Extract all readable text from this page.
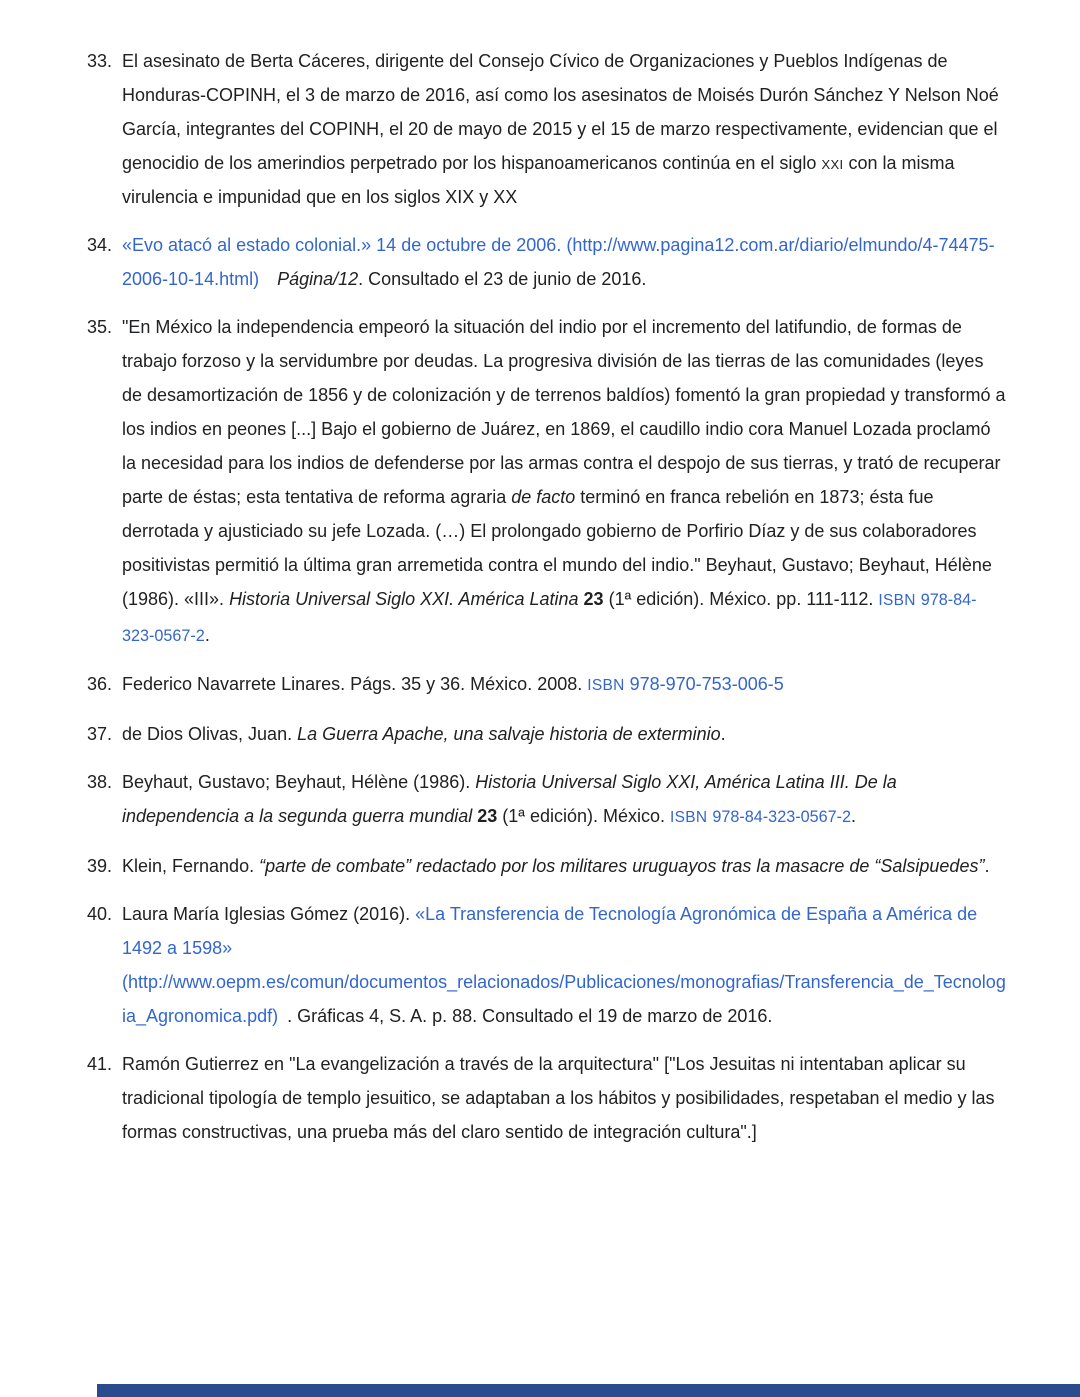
33. El asesinato de Berta Cáceres, dirigente del Consejo Cívico de Organizaciones y Pueblos Indígenas de Honduras-COPINH, el 3 de marzo de 2016, así como los asesinatos de Moisés Durón Sánchez Y Nelson Noé García, integrantes del COPINH, el 20 de mayo de 2015 y el 15 de marzo respectivamente, evidencian que el genocidio de los amerindios perpetrado por los hispanoamericanos continúa en el siglo xxi con la misma virulencia e impunidad que en los siglos XIX y XX
34. «Evo atacó al estado colonial.» 14 de octubre de 2006. (http://www.pagina12.com.ar/diario/elmundo/4-74475-2006-10-14.html)  Página/12. Consultado el 23 de junio de 2016.
35. "En México la independencia empeoró la situación del indio por el incremento del latifundio, de formas de trabajo forzoso y la servidumbre por deudas. La progresiva división de las tierras de las comunidades (leyes de desamortización de 1856 y de colonización y de terrenos baldíos) fomentó la gran propiedad y transformó a los indios en peones [...] Bajo el gobierno de Juárez, en 1869, el caudillo indio cora Manuel Lozada proclamó la necesidad para los indios de defenderse por las armas contra el despojo de sus tierras, y trató de recuperar parte de éstas; esta tentativa de reforma agraria de facto terminó en franca rebelión en 1873; ésta fue derrotada y ajusticiado su jefe Lozada. (…) El prolongado gobierno de Porfirio Díaz y de sus colaboradores positivistas permitió la última gran arremetida contra el mundo del indio." Beyhaut, Gustavo; Beyhaut, Hélène (1986). «III». Historia Universal Siglo XXI. América Latina 23 (1ª edición). México. pp. 111-112. ISBN 978-84-323-0567-2.
36. Federico Navarrete Linares. Págs. 35 y 36. México. 2008. ISBN 978-970-753-006-5
37. de Dios Olivas, Juan. La Guerra Apache, una salvaje historia de exterminio.
38. Beyhaut, Gustavo; Beyhaut, Hélène (1986). Historia Universal Siglo XXI, América Latina III. De la independencia a la segunda guerra mundial 23 (1ª edición). México. ISBN 978-84-323-0567-2.
39. Klein, Fernando. “parte de combate” redactado por los militares uruguayos tras la masacre de “Salsipuedes”.
40. Laura María Iglesias Gómez (2016). «La Transferencia de Tecnología Agronómica de España a América de 1492 a 1598» (http://www.oepm.es/comun/documentos_relacionados/Publicaciones/monografias/Transferencia_de_Tecnologia_Agronomica.pdf) . Gráficas 4, S. A. p. 88. Consultado el 19 de marzo de 2016.
41. Ramón Gutierrez en "La evangelización a través de la arquitectura" ["Los Jesuitas ni intentaban aplicar su tradicional tipología de templo jesuitico, se adaptaban a los hábitos y posibilidades, respetaban el medio y las formas constructivas, una prueba más del claro sentido de integración cultura".]
